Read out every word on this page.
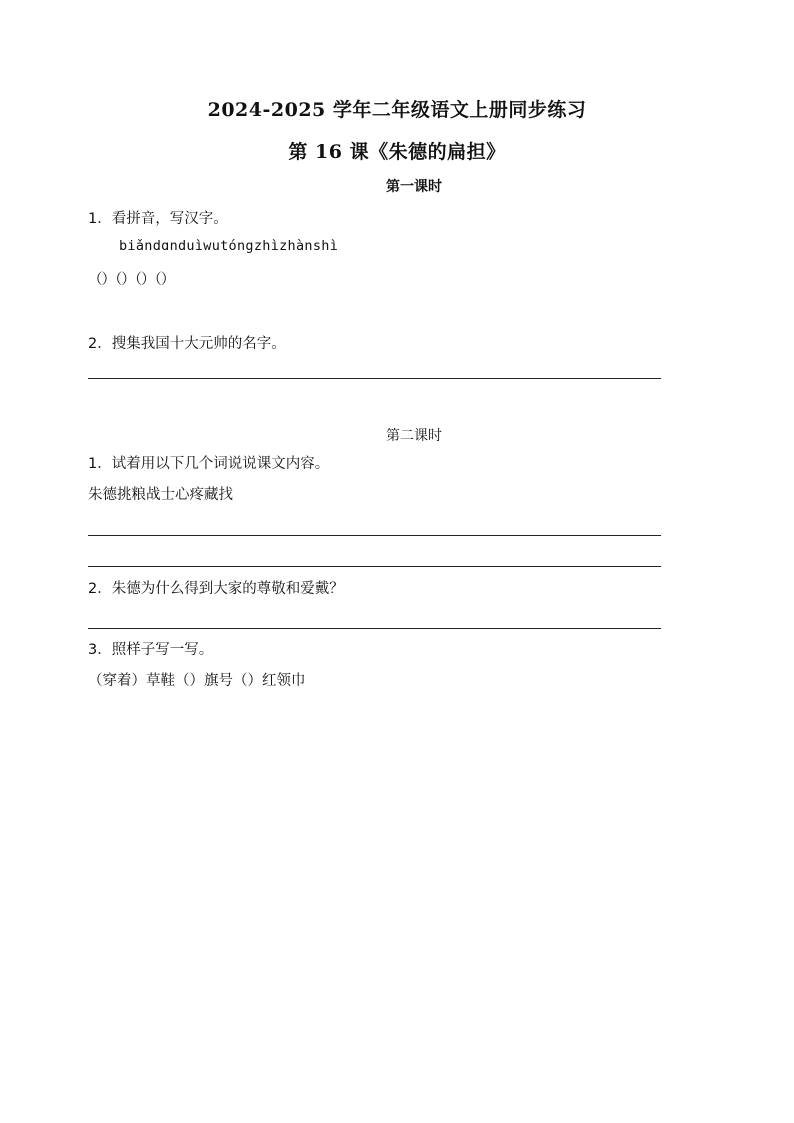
2024-2025 学年二年级语文上册同步练习
第 16 课《朱德的扁担》
第一课时
1．看拼音，写汉字。
biǎndɑnduìwutóngzhìzhànshì
（）（）（）（）
2．搜集我国十大元帅的名字。
第二课时
1．试着用以下几个词说说课文内容。
朱德挑粮战士心疼藏找
2．朱德为什么得到大家的尊敬和爱戴？
3．照样子写一写。
（穿着）草鞋（）旗号（）红领巾
